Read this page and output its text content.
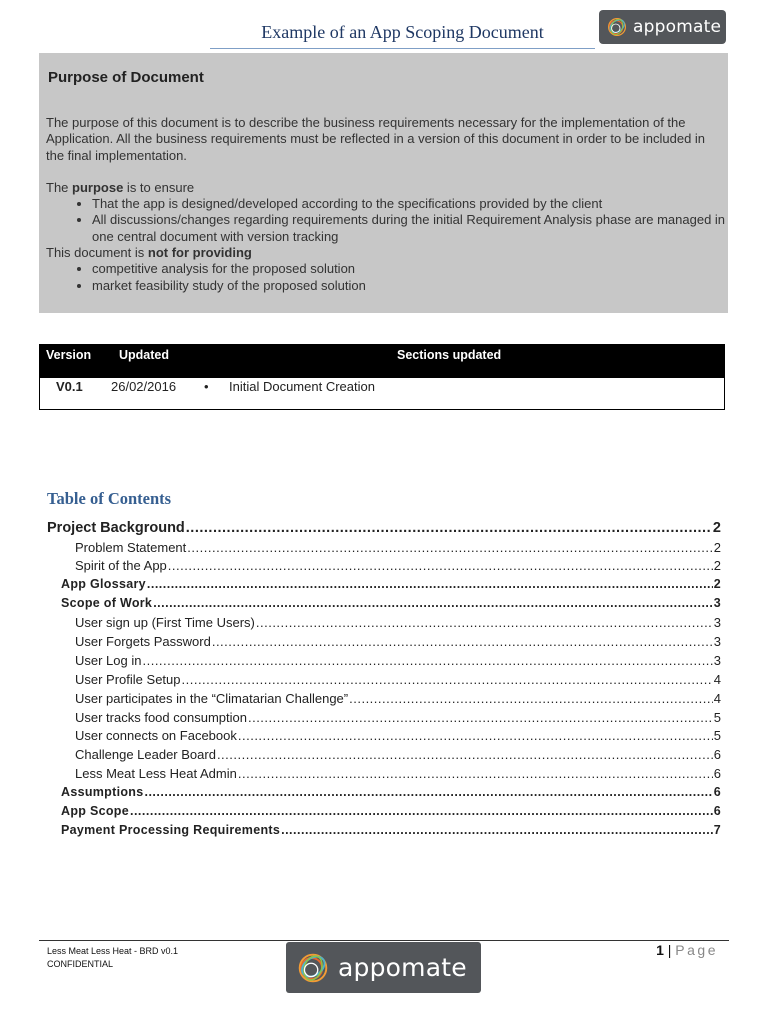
Example of an App Scoping Document	appomate
Purpose of Document

The purpose of this document is to describe the business requirements necessary for the implementation of the Application. All the business requirements must be reflected in a version of this document in order to be included in the final implementation.

The purpose is to ensure

• That the app is designed/developed according to the specifications provided by the client
• All discussions/changes regarding requirements during the initial Requirement Analysis phase are managed in one central document with version tracking

This document is not for providing

• competitive analysis for the proposed solution
• market feasibility study of the proposed solution
Version Updated	Sections updated
V0.1 26/02/2016 • Initial Document Creation
Table of Contents
Project Background .....	2
Problem Statement .....	2
Spirit of the App .....	2
App Glossary .....	2
Scope of Work .....	3
User sign up (First Time Users) .....	3
User Forgets Password .....	3
User Log in .....	3
User Profile Setup .....	4
User participates in the “Climatarian Challenge” .....	4
User tracks food consumption .....	5
User connects on Facebook .....	5
Challenge Leader Board .....	6
Less Meat Less Heat Admin .....	6
Assumptions .....	6
App Scope .....	6
Payment Processing Requirements .....	7
Less Meat Less Heat - BRD v0.1
CONFIDENTIAL
1 | Page
appomate
